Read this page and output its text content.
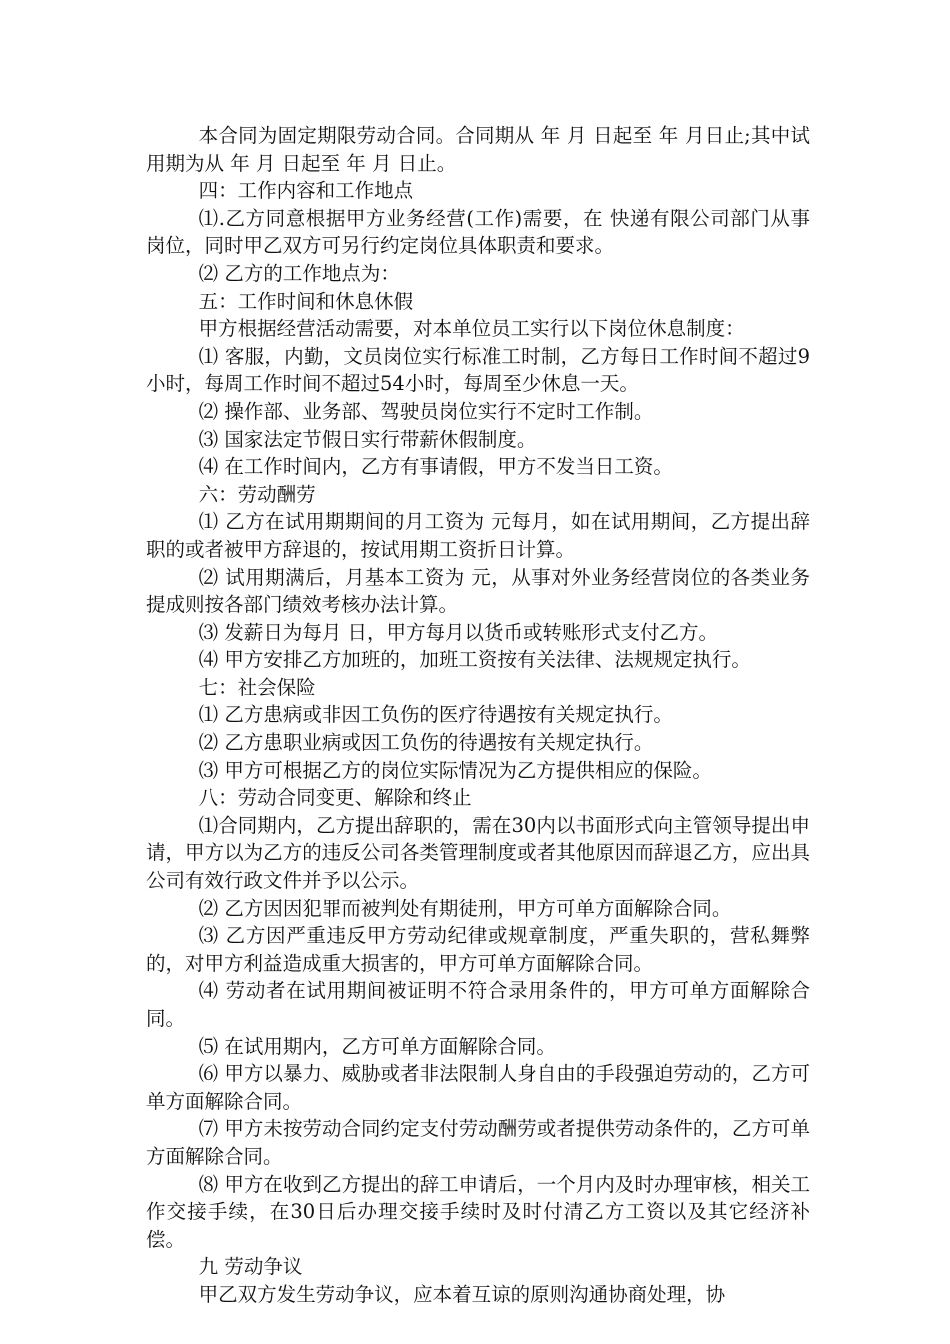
本合同为固定期限劳动合同。合同期从 年 月 日起至 年 月日止;其中试用期为从 年 月 日起至 年 月 日止。

四：工作内容和工作地点

⑴.乙方同意根据甲方业务经营(工作)需要，在 快递有限公司部门从事 岗位，同时甲乙双方可另行约定岗位具体职责和要求。

⑵ 乙方的工作地点为：

五：工作时间和休息休假

甲方根据经营活动需要，对本单位员工实行以下岗位休息制度：

⑴ 客服，内勤，文员岗位实行标准工时制，乙方每日工作时间不超过9小时，每周工作时间不超过54小时，每周至少休息一天。

⑵ 操作部、业务部、驾驶员岗位实行不定时工作制。

⑶ 国家法定节假日实行带薪休假制度。

⑷ 在工作时间内，乙方有事请假，甲方不发当日工资。

六：劳动酬劳

⑴ 乙方在试用期期间的月工资为 元每月，如在试用期间，乙方提出辞职的或者被甲方辞退的，按试用期工资折日计算。

⑵ 试用期满后，月基本工资为 元，从事对外业务经营岗位的各类业务提成则按各部门绩效考核办法计算。

⑶ 发薪日为每月 日，甲方每月以货币或转账形式支付乙方。

⑷ 甲方安排乙方加班的，加班工资按有关法律、法规规定执行。

七：社会保险

⑴ 乙方患病或非因工负伤的医疗待遇按有关规定执行。

⑵ 乙方患职业病或因工负伤的待遇按有关规定执行。

⑶ 甲方可根据乙方的岗位实际情况为乙方提供相应的保险。

八：劳动合同变更、解除和终止

⑴合同期内，乙方提出辞职的，需在30内以书面形式向主管领导提出申请，甲方以为乙方的违反公司各类管理制度或者其他原因而辞退乙方，应出具公司有效行政文件并予以公示。

⑵ 乙方因因犯罪而被判处有期徒刑，甲方可单方面解除合同。

⑶ 乙方因严重违反甲方劳动纪律或规章制度，严重失职的，营私舞弊的，对甲方利益造成重大损害的，甲方可单方面解除合同。

⑷ 劳动者在试用期间被证明不符合录用条件的，甲方可单方面解除合同。

⑸ 在试用期内，乙方可单方面解除合同。

⑹ 甲方以暴力、威胁或者非法限制人身自由的手段强迫劳动的，乙方可单方面解除合同。

⑺ 甲方未按劳动合同约定支付劳动酬劳或者提供劳动条件的，乙方可单方面解除合同。

⑻ 甲方在收到乙方提出的辞工申请后，一个月内及时办理审核，相关工作交接手续，在30日后办理交接手续时及时付清乙方工资以及其它经济补偿。

九 劳动争议

甲乙双方发生劳动争议，应本着互谅的原则沟通协商处理，协
